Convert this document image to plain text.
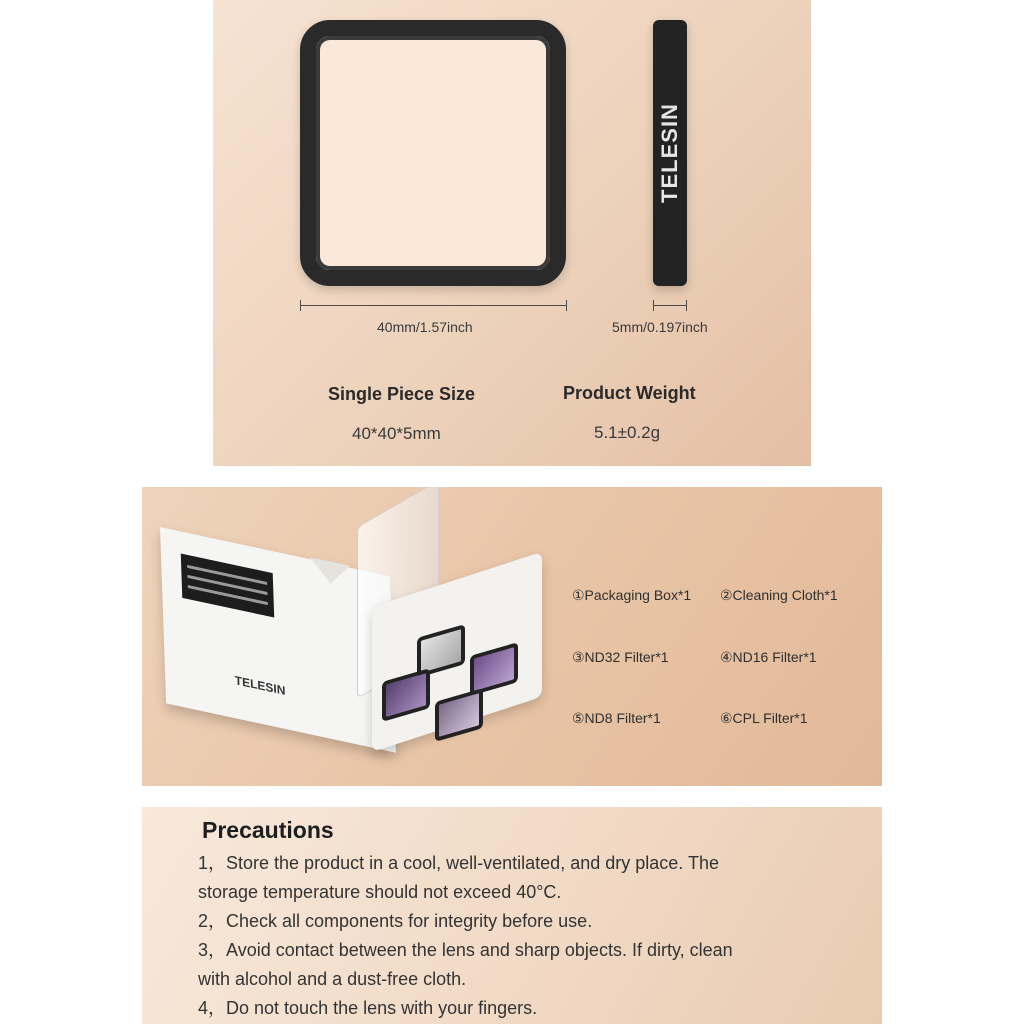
TELESIN
40mm/1.57inch	5mm/0.197inch
Single Piece Size
40*40*5mm
Product Weight
5.1±0.2g
TELESIN
①Packaging Box*1 ②Cleaning Cloth*1
③ND32 Filter*1	④ND16 Filter*1
⑤ND8 Filter*1	⑥CPL Filter*1
Precautions
1，Store the product in a cool, well-ventilated, and dry place. The
storage temperature should not exceed 40°C.
2，Check all components for integrity before use.
3，Avoid contact between the lens and sharp objects. If dirty, clean
with alcohol and a dust-free cloth.
4，Do not touch the lens with your fingers.
